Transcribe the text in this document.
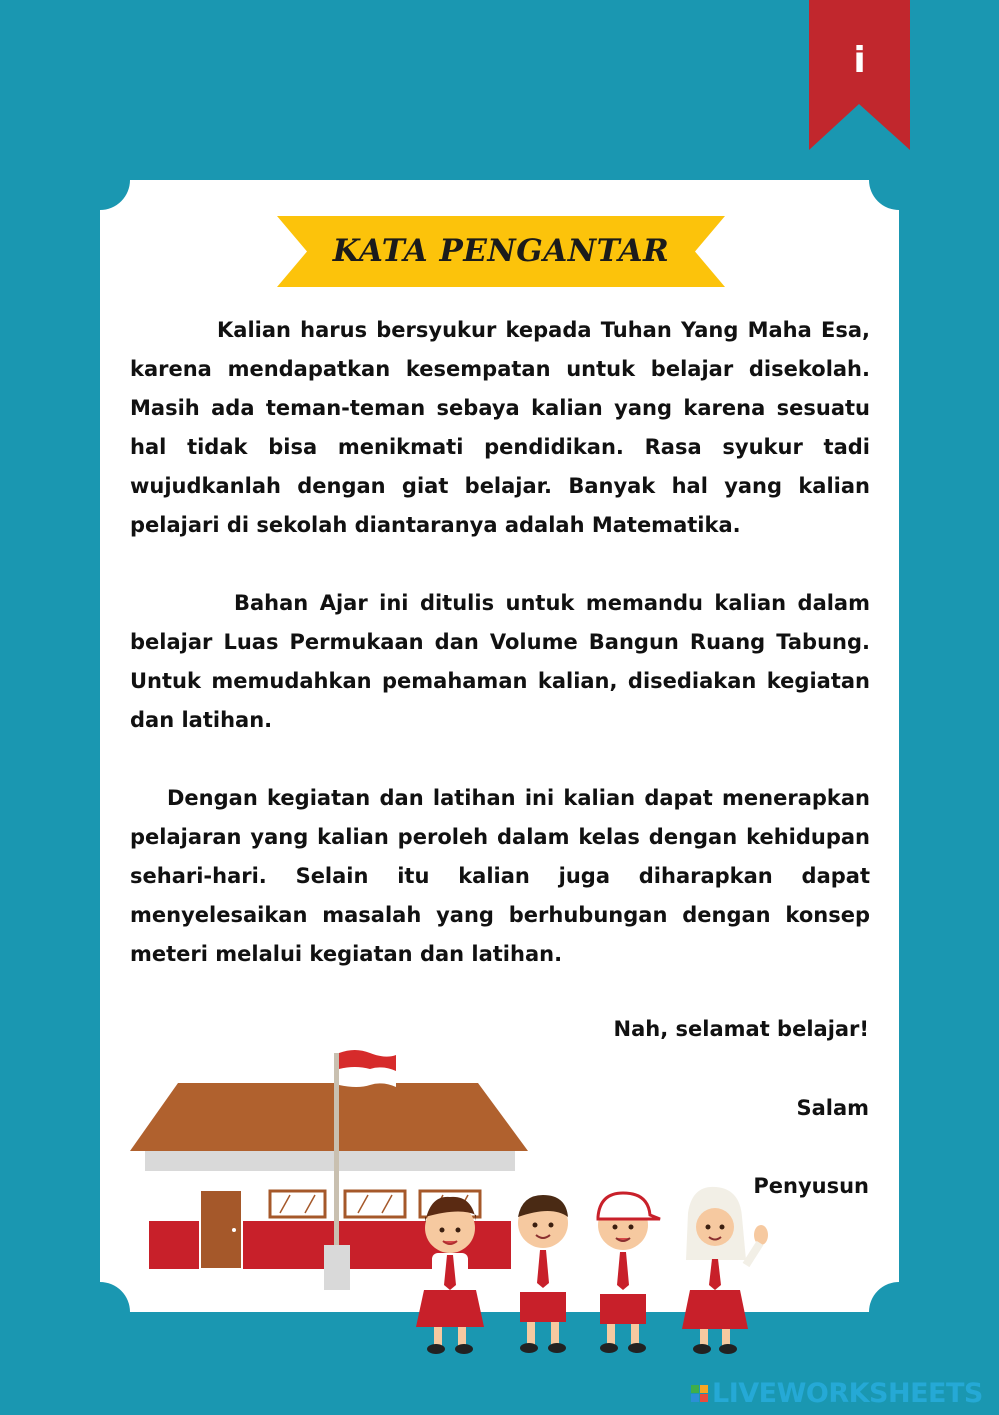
i
KATA PENGANTAR

Kalian harus bersyukur kepada Tuhan Yang Maha Esa, karena mendapatkan kesempatan untuk belajar disekolah. Masih ada teman-teman sebaya kalian yang karena sesuatu hal tidak bisa menikmati pendidikan. Rasa syukur tadi wujudkanlah dengan giat belajar. Banyak hal yang kalian pelajari di sekolah diantaranya adalah Matematika.

Bahan Ajar ini ditulis untuk memandu kalian dalam belajar Luas Permukaan dan Volume Bangun Ruang Tabung. Untuk memudahkan pemahaman kalian, disediakan kegiatan dan latihan.

Dengan kegiatan dan latihan ini kalian dapat menerapkan pelajaran yang kalian peroleh dalam kelas dengan kehidupan sehari-hari. Selain itu kalian juga diharapkan dapat menyelesaikan masalah yang berhubungan dengan konsep meteri melalui kegiatan dan latihan.

Nah, selamat belajar!

Salam

Penyusun

LIVEWORKSHEETS
